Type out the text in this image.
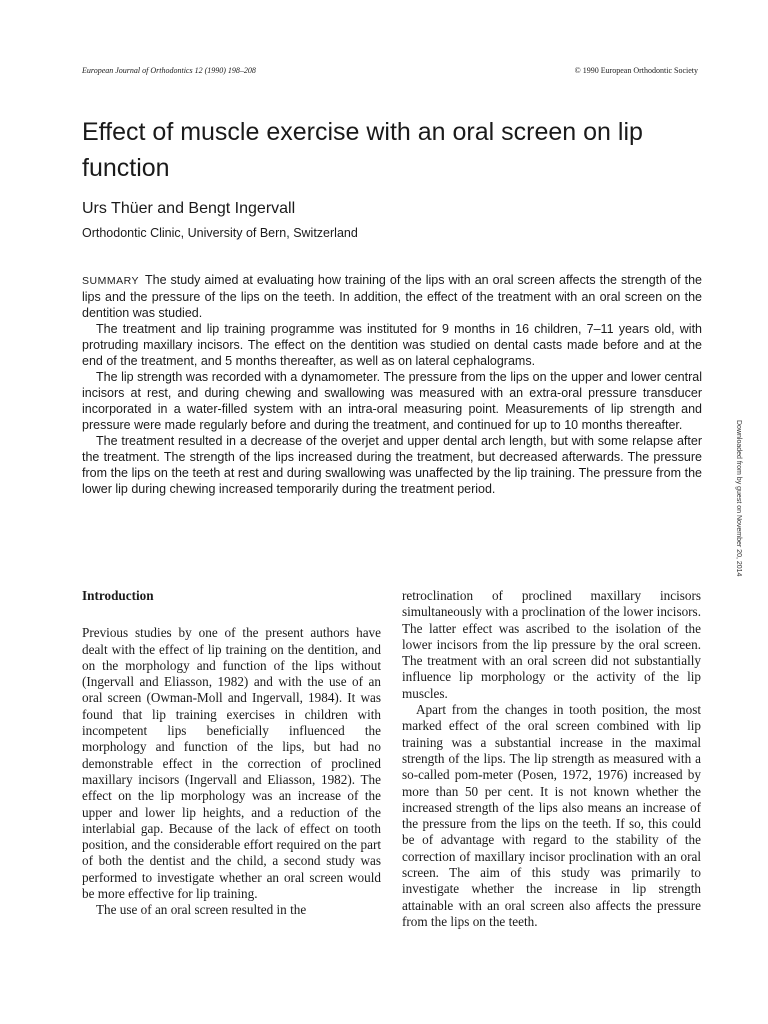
European Journal of Orthodontics 12 (1990) 198–208	© 1990 European Orthodontic Society
Effect of muscle exercise with an oral screen on lip function
Urs Thüer and Bengt Ingervall
Orthodontic Clinic, University of Bern, Switzerland

SUMMARY The study aimed at evaluating how training of the lips with an oral screen affects the strength of the lips and the pressure of the lips on the teeth. In addition, the effect of the treatment with an oral screen on the dentition was studied.

The treatment and lip training programme was instituted for 9 months in 16 children, 7–11 years old, with protruding maxillary incisors. The effect on the dentition was studied on dental casts made before and at the end of the treatment, and 5 months thereafter, as well as on lateral cephalograms.

The lip strength was recorded with a dynamometer. The pressure from the lips on the upper and lower central incisors at rest, and during chewing and swallowing was measured with an extra-oral pressure transducer incorporated in a water-filled system with an intra-oral measuring point. Measurements of lip strength and pressure were made regularly before and during the treatment, and continued for up to 10 months thereafter.

The treatment resulted in a decrease of the overjet and upper dental arch length, but with some relapse after the treatment. The strength of the lips increased during the treatment, but decreased afterwards. The pressure from the lips on the teeth at rest and during swallowing was unaffected by the lip training. The pressure from the lower lip during chewing increased temporarily during the treatment period.	Downloaded from by guest on November 20, 2014
Introduction

Previous studies by one of the present authors have dealt with the effect of lip training on the dentition, and on the morphology and function of the lips without (Ingervall and Eliasson, 1982) and with the use of an oral screen (Owman-Moll and Ingervall, 1984). It was found that lip training exercises in children with incompetent lips beneficially influenced the morphology and function of the lips, but had no demonstrable effect in the correction of proclined maxillary incisors (Ingervall and Eliasson, 1982). The effect on the lip morphology was an increase of the upper and lower lip heights, and a reduction of the interlabial gap. Because of the lack of effect on tooth position, and the considerable effort required on the part of both the dentist and the child, a second study was performed to investigate whether an oral screen would be more effective for lip training.

The use of an oral screen resulted in the

retroclination of proclined maxillary incisors simultaneously with a proclination of the lower incisors. The latter effect was ascribed to the isolation of the lower incisors from the lip pressure by the oral screen. The treatment with an oral screen did not substantially influence lip morphology or the activity of the lip muscles.

Apart from the changes in tooth position, the most marked effect of the oral screen combined with lip training was a substantial increase in the maximal strength of the lips. The lip strength as measured with a so-called pom-meter (Posen, 1972, 1976) increased by more than 50 per cent. It is not known whether the increased strength of the lips also means an increase of the pressure from the lips on the teeth. If so, this could be of advantage with regard to the stability of the correction of maxillary incisor proclination with an oral screen. The aim of this study was primarily to investigate whether the increase in lip strength attainable with an oral screen also affects the pressure from the lips on the teeth.
